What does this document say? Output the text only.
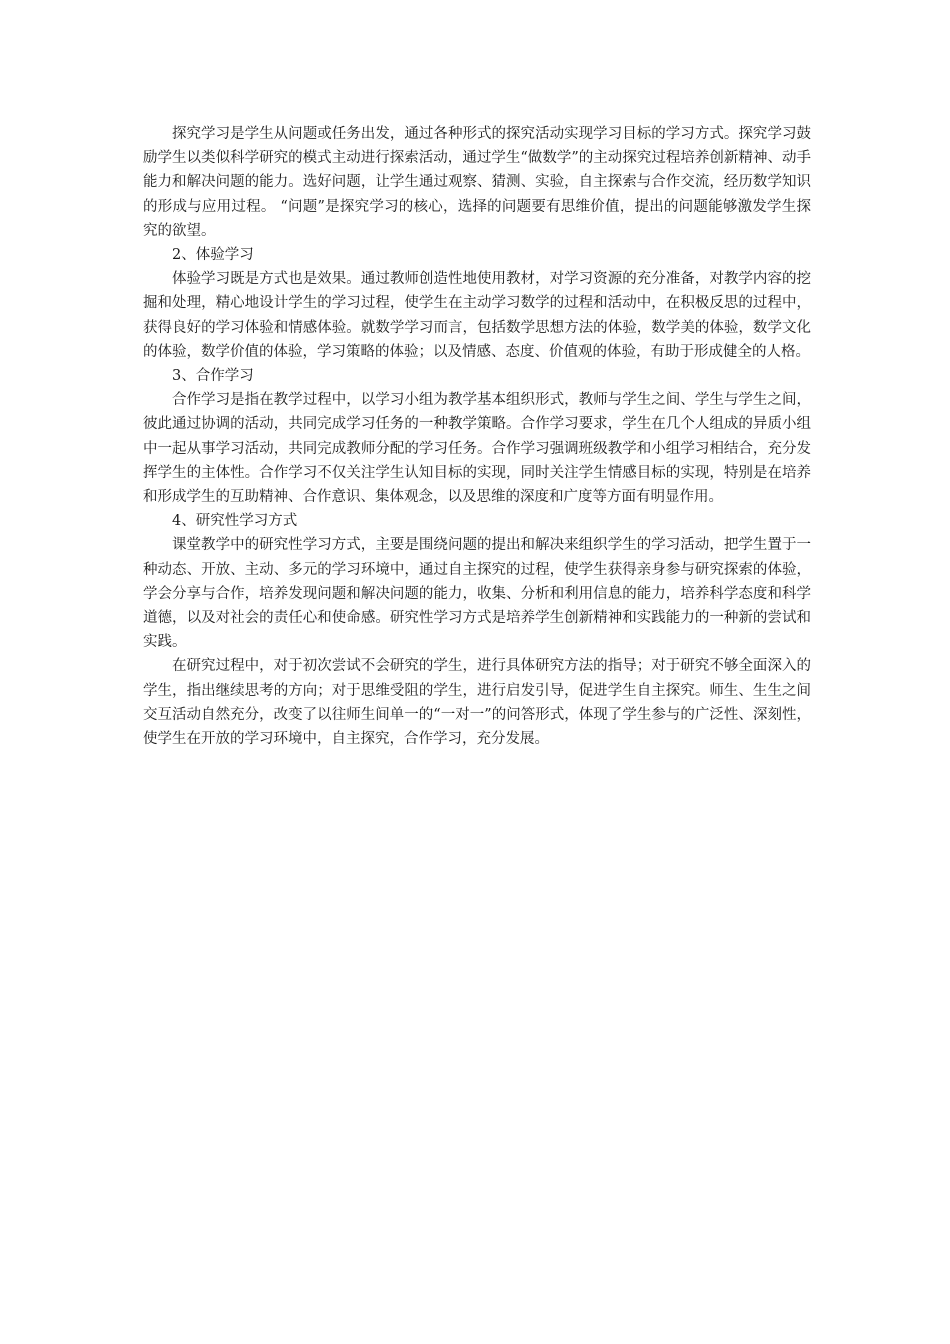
探究学习是学生从问题或任务出发，通过各种形式的探究活动实现学习目标的学习方式。探究学习鼓励学生以类似科学研究的模式主动进行探索活动，通过学生“做数学”的主动探究过程培养创新精神、动手能力和解决问题的能力。选好问题，让学生通过观察、猜测、实验，自主探索与合作交流，经历数学知识的形成与应用过程。 “问题”是探究学习的核心，选择的问题要有思维价值，提出的问题能够激发学生探究的欲望。

2、体验学习

体验学习既是方式也是效果。通过教师创造性地使用教材，对学习资源的充分准备，对教学内容的挖掘和处理，精心地设计学生的学习过程，使学生在主动学习数学的过程和活动中，在积极反思的过程中，获得良好的学习体验和情感体验。就数学学习而言，包括数学思想方法的体验，数学美的体验，数学文化的体验，数学价值的体验，学习策略的体验；以及情感、态度、价值观的体验，有助于形成健全的人格。

3、合作学习

合作学习是指在教学过程中，以学习小组为教学基本组织形式，教师与学生之间、学生与学生之间，彼此通过协调的活动，共同完成学习任务的一种教学策略。合作学习要求，学生在几个人组成的异质小组中一起从事学习活动，共同完成教师分配的学习任务。合作学习强调班级教学和小组学习相结合，充分发挥学生的主体性。合作学习不仅关注学生认知目标的实现，同时关注学生情感目标的实现，特别是在培养和形成学生的互助精神、合作意识、集体观念，以及思维的深度和广度等方面有明显作用。

4、研究性学习方式

课堂教学中的研究性学习方式，主要是围绕问题的提出和解决来组织学生的学习活动，把学生置于一种动态、开放、主动、多元的学习环境中，通过自主探究的过程，使学生获得亲身参与研究探索的体验，学会分享与合作，培养发现问题和解决问题的能力，收集、分析和利用信息的能力，培养科学态度和科学道德，以及对社会的责任心和使命感。研究性学习方式是培养学生创新精神和实践能力的一种新的尝试和实践。

在研究过程中，对于初次尝试不会研究的学生，进行具体研究方法的指导；对于研究不够全面深入的学生，指出继续思考的方向；对于思维受阻的学生，进行启发引导，促进学生自主探究。师生、生生之间交互活动自然充分，改变了以往师生间单一的“一对一”的问答形式，体现了学生参与的广泛性、深刻性，使学生在开放的学习环境中，自主探究，合作学习，充分发展。
